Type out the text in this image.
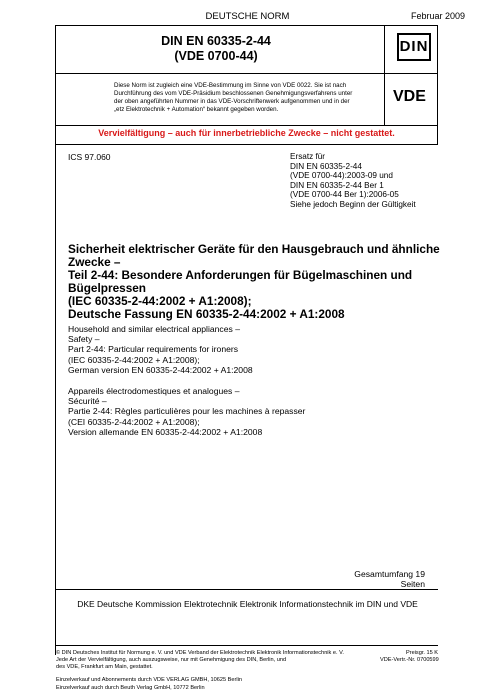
DEUTSCHE NORM	Februar 2009
DIN EN 60335-2-44
(VDE 0700-44)
DIN
VDE
Diese Norm ist zugleich eine VDE-Bestimmung im Sinne von VDE 0022. Sie ist nach
Durchführung des vom VDE-Präsidium beschlossenen Genehmigungsverfahrens unter
der oben angeführten Nummer in das VDE-Vorschriftenwerk aufgenommen und in der
„etz Elektrotechnik + Automation“ bekannt gegeben worden.
Vervielfältigung – auch für innerbetriebliche Zwecke – nicht gestattet.
ICS 97.060	Ersatz für
DIN EN 60335-2-44
(VDE 0700-44):2003-09 und
DIN EN 60335-2-44 Ber 1
(VDE 0700-44 Ber 1):2006-05
Siehe jedoch Beginn der Gültigkeit
Sicherheit elektrischer Geräte für den Hausgebrauch und ähnliche
Zwecke –
Teil 2-44: Besondere Anforderungen für Bügelmaschinen und
Bügelpressen
(IEC 60335-2-44:2002 + A1:2008);
Deutsche Fassung EN 60335-2-44:2002 + A1:2008
Household and similar electrical appliances –
Safety –
Part 2-44: Particular requirements for ironers
(IEC 60335-2-44:2002 + A1:2008);
German version EN 60335-2-44:2002 + A1:2008
Appareils électrodomestiques et analogues –
Sécurité –
Partie 2-44: Règles particulières pour les machines à repasser
(CEI 60335-2-44:2002 + A1:2008);
Version allemande EN 60335-2-44:2002 + A1:2008
Gesamtumfang 19 Seiten
DKE Deutsche Kommission Elektrotechnik Elektronik Informationstechnik im DIN und VDE
© DIN Deutsches Institut für Normung e. V. und VDE Verband der Elektrotechnik Elektronik Informationstechnik e. V.
Jede Art der Vervielfältigung, auch auszugsweise, nur mit Genehmigung des DIN, Berlin, und
des VDE, Frankfurt am Main, gestattet.
Preisgr. 15 K
VDE-Vertr.-Nr. 0700599
Einzelverkauf und Abonnements durch VDE VERLAG GMBH, 10625 Berlin
Einzelverkauf auch durch Beuth Verlag GmbH, 10772 Berlin
